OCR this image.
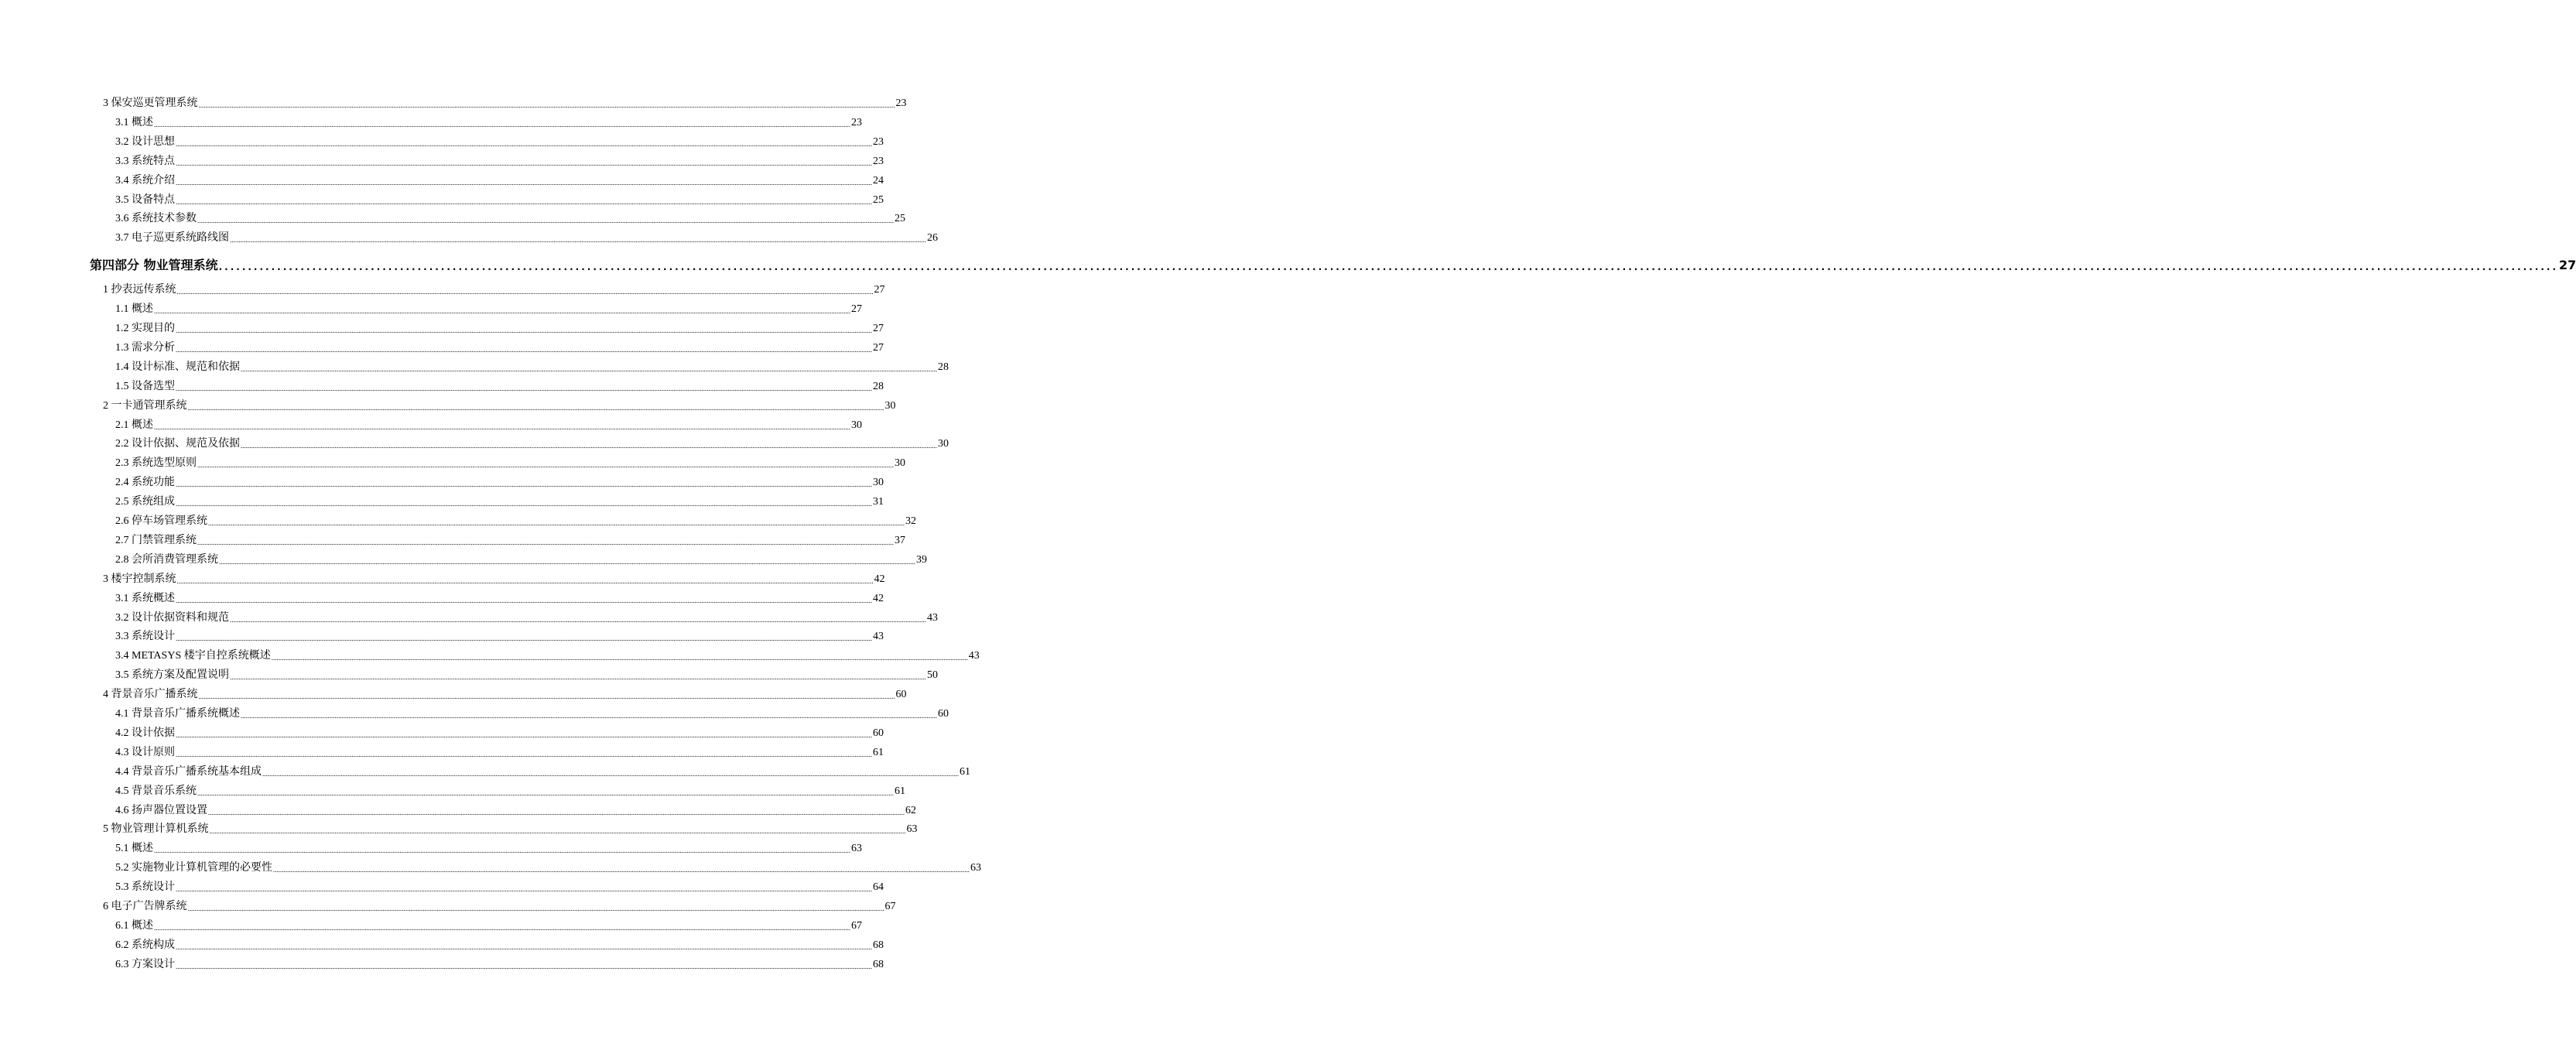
3 保安巡更管理系统 ................................................................................................................................................................................................................................................................................................................................................................................................................ 23
3.1 概述 ................................................................................................................................................................................................................................................................................................................................................................................................................ 23
3.2 设计思想 ................................................................................................................................................................................................................................................................................................................................................................................................................ 23
3.3 系统特点 ................................................................................................................................................................................................................................................................................................................................................................................................................ 23
3.4 系统介绍 ................................................................................................................................................................................................................................................................................................................................................................................................................ 24
3.5 设备特点 ................................................................................................................................................................................................................................................................................................................................................................................................................ 25
3.6 系统技术参数 ................................................................................................................................................................................................................................................................................................................................................................................................................ 25
3.7 电子巡更系统路线图 ................................................................................................................................................................................................................................................................................................................................................................................................................ 26
第四部分 物业管理系统 ................................................................................................................................................................................................................................................................................................................................................................................................................ 27
1 抄表远传系统 ................................................................................................................................................................................................................................................................................................................................................................................................................ 27
1.1 概述 ................................................................................................................................................................................................................................................................................................................................................................................................................ 27
1.2 实现目的 ................................................................................................................................................................................................................................................................................................................................................................................................................ 27
1.3 需求分析 ................................................................................................................................................................................................................................................................................................................................................................................................................ 27
1.4 设计标准、规范和依据 ................................................................................................................................................................................................................................................................................................................................................................................................................ 28
1.5 设备选型 ................................................................................................................................................................................................................................................................................................................................................................................................................ 28
2 一卡通管理系统 ................................................................................................................................................................................................................................................................................................................................................................................................................ 30
2.1 概述 ................................................................................................................................................................................................................................................................................................................................................................................................................ 30
2.2 设计依据、规范及依据 ................................................................................................................................................................................................................................................................................................................................................................................................................ 30
2.3 系统选型原则 ................................................................................................................................................................................................................................................................................................................................................................................................................ 30
2.4 系统功能 ................................................................................................................................................................................................................................................................................................................................................................................................................ 30
2.5 系统组成 ................................................................................................................................................................................................................................................................................................................................................................................................................ 31
2.6 停车场管理系统 ................................................................................................................................................................................................................................................................................................................................................................................................................ 32
2.7 门禁管理系统 ................................................................................................................................................................................................................................................................................................................................................................................................................ 37
2.8 会所消费管理系统 ................................................................................................................................................................................................................................................................................................................................................................................................................ 39
3 楼宇控制系统 ................................................................................................................................................................................................................................................................................................................................................................................................................ 42
3.1 系统概述 ................................................................................................................................................................................................................................................................................................................................................................................................................ 42
3.2 设计依据资料和规范 ................................................................................................................................................................................................................................................................................................................................................................................................................ 43
3.3 系统设计 ................................................................................................................................................................................................................................................................................................................................................................................................................ 43
3.4 METASYS 楼宇自控系统概述 ................................................................................................................................................................................................................................................................................................................................................................................................................ 43
3.5 系统方案及配置说明 ................................................................................................................................................................................................................................................................................................................................................................................................................ 50
4 背景音乐广播系统 ................................................................................................................................................................................................................................................................................................................................................................................................................ 60
4.1 背景音乐广播系统概述 ................................................................................................................................................................................................................................................................................................................................................................................................................ 60
4.2 设计依据 ................................................................................................................................................................................................................................................................................................................................................................................................................ 60
4.3 设计原则 ................................................................................................................................................................................................................................................................................................................................................................................................................ 61
4.4 背景音乐广播系统基本组成 ................................................................................................................................................................................................................................................................................................................................................................................................................ 61
4.5 背景音乐系统 ................................................................................................................................................................................................................................................................................................................................................................................................................ 61
4.6 扬声器位置设置 ................................................................................................................................................................................................................................................................................................................................................................................................................ 62
5 物业管理计算机系统 ................................................................................................................................................................................................................................................................................................................................................................................................................ 63
5.1 概述 ................................................................................................................................................................................................................................................................................................................................................................................................................ 63
5.2 实施物业计算机管理的必要性 ................................................................................................................................................................................................................................................................................................................................................................................................................ 63
5.3 系统设计 ................................................................................................................................................................................................................................................................................................................................................................................................................ 64
6 电子广告牌系统 ................................................................................................................................................................................................................................................................................................................................................................................................................ 67
6.1 概述 ................................................................................................................................................................................................................................................................................................................................................................................................................ 67
6.2 系统构成 ................................................................................................................................................................................................................................................................................................................................................................................................................ 68
6.3 方案设计 ................................................................................................................................................................................................................................................................................................................................................................................................................ 68
